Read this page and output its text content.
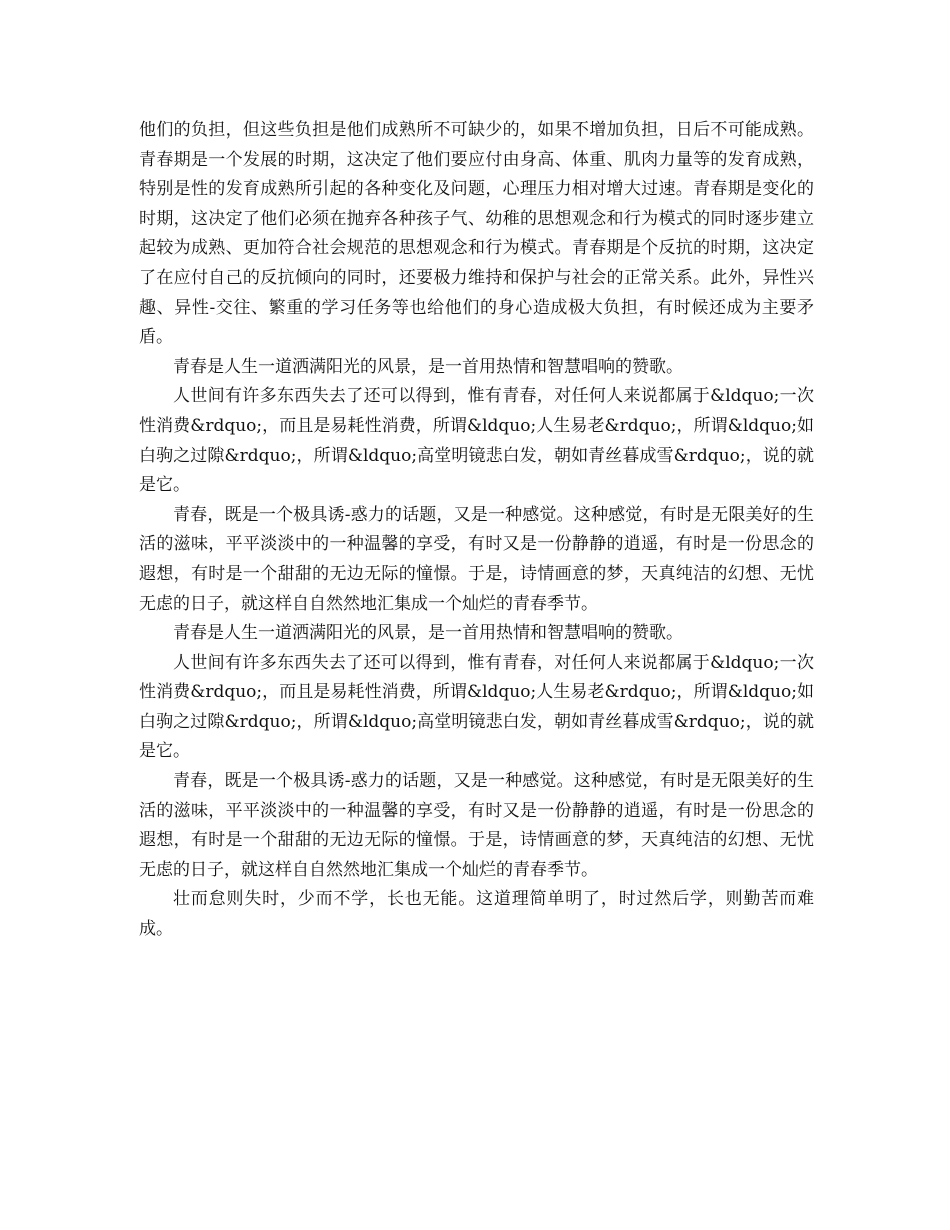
他们的负担，但这些负担是他们成熟所不可缺少的，如果不增加负担，日后不可能成熟。青春期是一个发展的时期，这决定了他们要应付由身高、体重、肌肉力量等的发育成熟，特别是性的发育成熟所引起的各种变化及问题，心理压力相对增大过速。青春期是变化的时期，这决定了他们必须在抛弃各种孩子气、幼稚的思想观念和行为模式的同时逐步建立起较为成熟、更加符合社会规范的思想观念和行为模式。青春期是个反抗的时期，这决定了在应付自己的反抗倾向的同时，还要极力维持和保护与社会的正常关系。此外，异性兴趣、异性-交往、繁重的学习任务等也给他们的身心造成极大负担，有时候还成为主要矛盾。

青春是人生一道洒满阳光的风景，是一首用热情和智慧唱响的赞歌。

人世间有许多东西失去了还可以得到，惟有青春，对任何人来说都属于&ldquo;一次性消费&rdquo;，而且是易耗性消费，所谓&ldquo;人生易老&rdquo;，所谓&ldquo;如白驹之过隙&rdquo;，所谓&ldquo;高堂明镜悲白发，朝如青丝暮成雪&rdquo;，说的就是它。

青春，既是一个极具诱-惑力的话题，又是一种感觉。这种感觉，有时是无限美好的生活的滋味，平平淡淡中的一种温馨的享受，有时又是一份静静的逍遥，有时是一份思念的遐想，有时是一个甜甜的无边无际的憧憬。于是，诗情画意的梦，天真纯洁的幻想、无忧无虑的日子，就这样自自然然地汇集成一个灿烂的青春季节。

青春是人生一道洒满阳光的风景，是一首用热情和智慧唱响的赞歌。

人世间有许多东西失去了还可以得到，惟有青春，对任何人来说都属于&ldquo;一次性消费&rdquo;，而且是易耗性消费，所谓&ldquo;人生易老&rdquo;，所谓&ldquo;如白驹之过隙&rdquo;，所谓&ldquo;高堂明镜悲白发，朝如青丝暮成雪&rdquo;，说的就是它。

青春，既是一个极具诱-惑力的话题，又是一种感觉。这种感觉，有时是无限美好的生活的滋味，平平淡淡中的一种温馨的享受，有时又是一份静静的逍遥，有时是一份思念的遐想，有时是一个甜甜的无边无际的憧憬。于是，诗情画意的梦，天真纯洁的幻想、无忧无虑的日子，就这样自自然然地汇集成一个灿烂的青春季节。

壮而怠则失时，少而不学，长也无能。这道理简单明了，时过然后学，则勤苦而难成。
